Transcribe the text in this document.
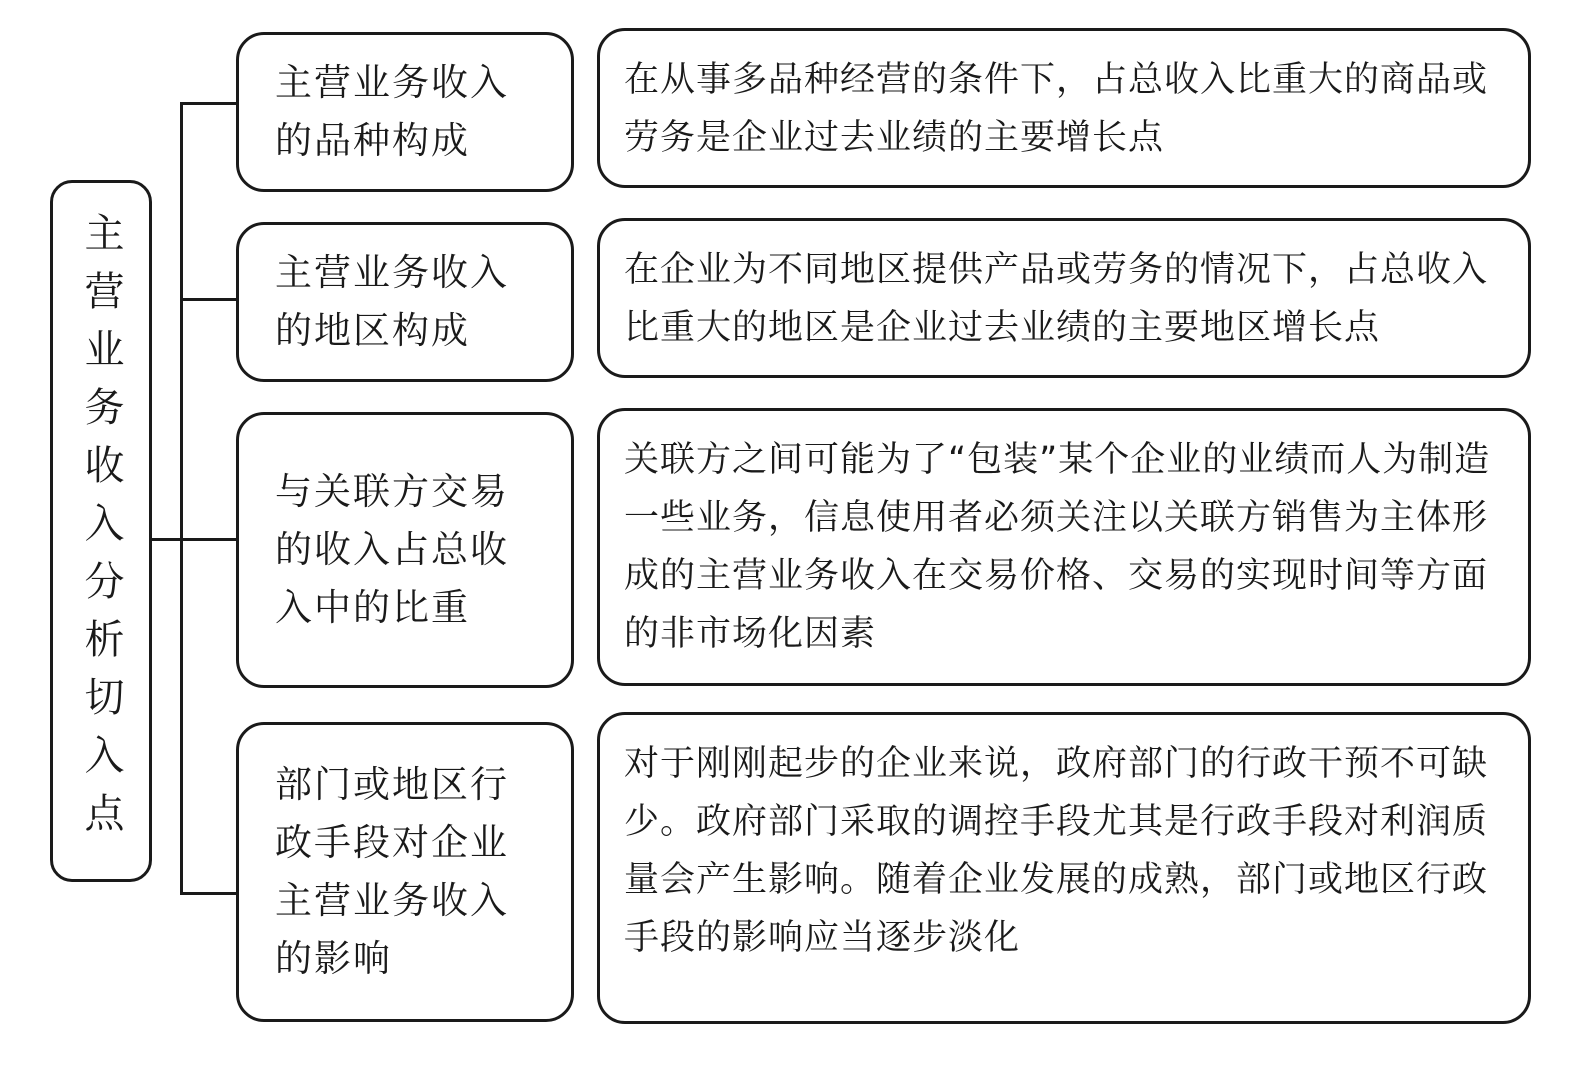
主营业务收入分析切入点
主营业务收入的品种构成
在从事多品种经营的条件下，占总收入比重大的商品或劳务是企业过去业绩的主要增长点
主营业务收入的地区构成
在企业为不同地区提供产品或劳务的情况下，占总收入比重大的地区是企业过去业绩的主要地区增长点
与关联方交易的收入占总收入中的比重
关联方之间可能为了“包装”某个企业的业绩而人为制造一些业务，信息使用者必须关注以关联方销售为主体形成的主营业务收入在交易价格、交易的实现时间等方面的非市场化因素
部门或地区行政手段对企业主营业务收入的影响
对于刚刚起步的企业来说，政府部门的行政干预不可缺少。政府部门采取的调控手段尤其是行政手段对利润质量会产生影响。随着企业发展的成熟，部门或地区行政手段的影响应当逐步淡化
